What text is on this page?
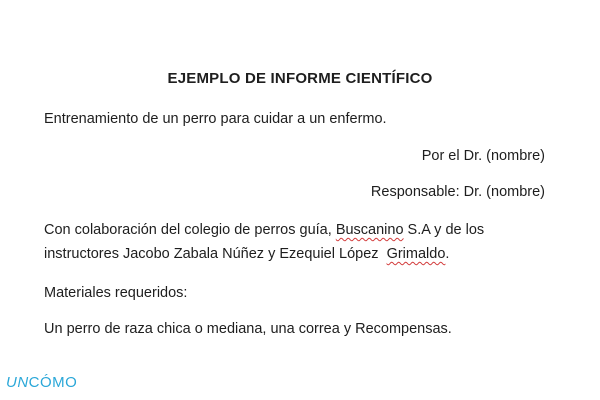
EJEMPLO DE INFORME CIENTÍFICO
Entrenamiento de un perro para cuidar a un enfermo.
Por el Dr. (nombre)
Responsable: Dr. (nombre)
Con colaboración del colegio de perros guía, Buscanino S.A y de los
instructores Jacobo Zabala Núñez y Ezequiel López Grimaldo.
Materiales requeridos:
Un perro de raza chica o mediana, una correa y Recompensas.
UNCÓMO
